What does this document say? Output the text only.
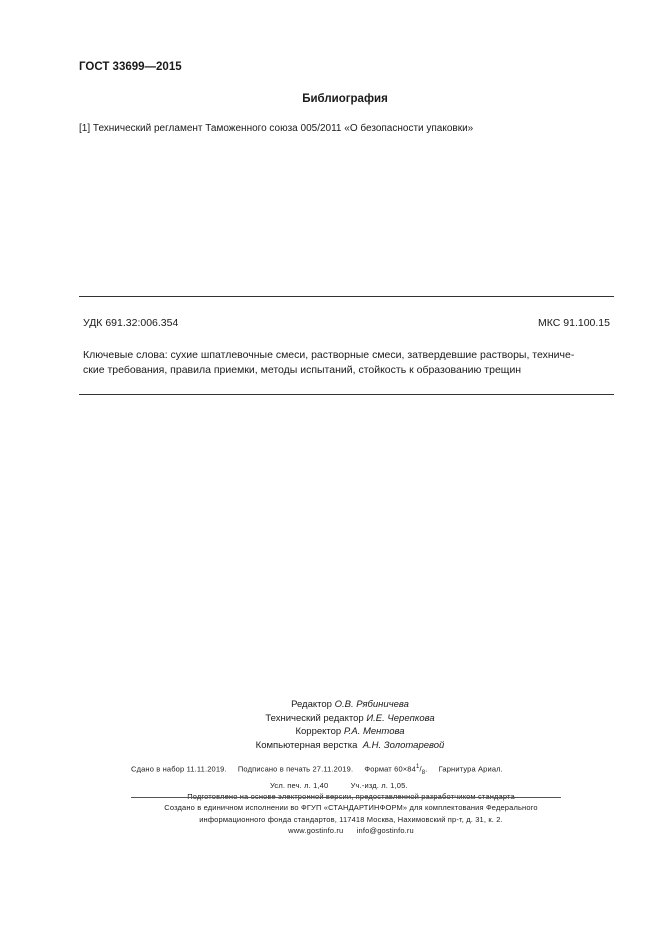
ГОСТ 33699—2015
Библиография
[1] Технический регламент Таможенного союза 005/2011 «О безопасности упаковки»
УДК 691.32:006.354	МКС 91.100.15
Ключевые слова: сухие шпатлевочные смеси, растворные смеси, затвердевшие растворы, техниче-
ские требования, правила приемки, методы испытаний, стойкость к образованию трещин
Редактор О.В. Рябиничева
Технический редактор И.Е. Черепкова
Корректор Р.А. Ментова
Компьютерная верстка А.Н. Золотаревой
Сдано в набор 11.11.2019.     Подписано в печать 27.11.2019.     Формат $60\times 84^1/_8$.     Гарнитура Ариал.
Усл. печ. л. 1,40          Уч.-изд. л. 1,05.
Подготовлено на основе электронной версии, предоставленной разработчиком стандарта
Создано в единичном исполнении во ФГУП «СТАНДАРТИНФОРМ» для комплектования Федерального
информационного фонда стандартов, 117418 Москва, Нахимовский пр-т, д. 31, к. 2.
www.gostinfo.ru      info@gostinfo.ru
